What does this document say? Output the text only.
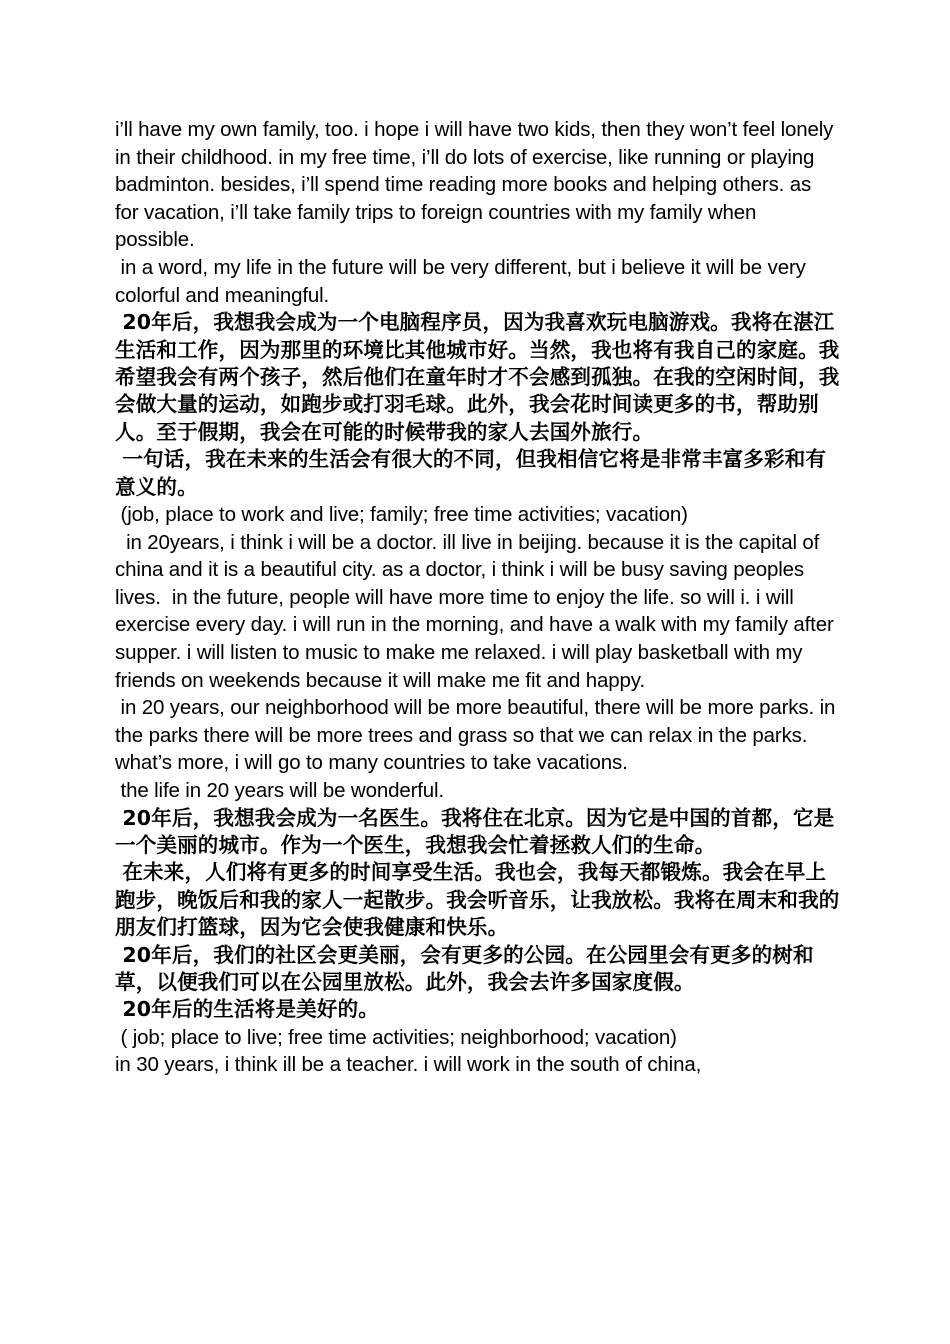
i’ll have my own family, too. i hope i will have two kids, then they won’t feel lonely in their childhood. in my free time, i’ll do lots of exercise, like running or playing badminton. besides, i’ll spend time reading more books and helping others. as for vacation, i’ll take family trips to foreign countries with my family when possible.

in a word, my life in the future will be very different, but i believe it will be very colorful and meaningful.

20年后，我想我会成为一个电脑程序员，因为我喜欢玩电脑游戏。我将在湛江生活和工作，因为那里的环境比其他城市好。当然，我也将有我自己的家庭。我希望我会有两个孩子，然后他们在童年时才不会感到孤独。在我的空闲时间，我会做大量的运动，如跑步或打羽毛球。此外，我会花时间读更多的书，帮助别人。至于假期，我会在可能的时候带我的家人去国外旅行。

一句话，我在未来的生活会有很大的不同，但我相信它将是非常丰富多彩和有意义的。

(job, place to work and live; family; free time activities; vacation)

in 20years, i think i will be a doctor. ill live in beijing. because it is the capital of china and it is a beautiful city. as a doctor, i think i will be busy saving peoples lives.  in the future, people will have more time to enjoy the life. so will i. i will exercise every day. i will run in the morning, and have a walk with my family after supper. i will listen to music to make me relaxed. i will play basketball with my friends on weekends because it will make me fit and happy.

in 20 years, our neighborhood will be more beautiful, there will be more parks. in the parks there will be more trees and grass so that we can relax in the parks. what’s more, i will go to many countries to take vacations.

the life in 20 years will be wonderful.

20年后，我想我会成为一名医生。我将住在北京。因为它是中国的首都，它是一个美丽的城市。作为一个医生，我想我会忙着拯救人们的生命。

在未来，人们将有更多的时间享受生活。我也会，我每天都锻炼。我会在早上跑步，晚饭后和我的家人一起散步。我会听音乐，让我放松。我将在周末和我的朋友们打篮球，因为它会使我健康和快乐。

20年后，我们的社区会更美丽，会有更多的公园。在公园里会有更多的树和草，以便我们可以在公园里放松。此外，我会去许多国家度假。

20年后的生活将是美好的。

( job; place to live; free time activities; neighborhood; vacation)

in 30 years, i think ill be a teacher. i will work in the south of china,
